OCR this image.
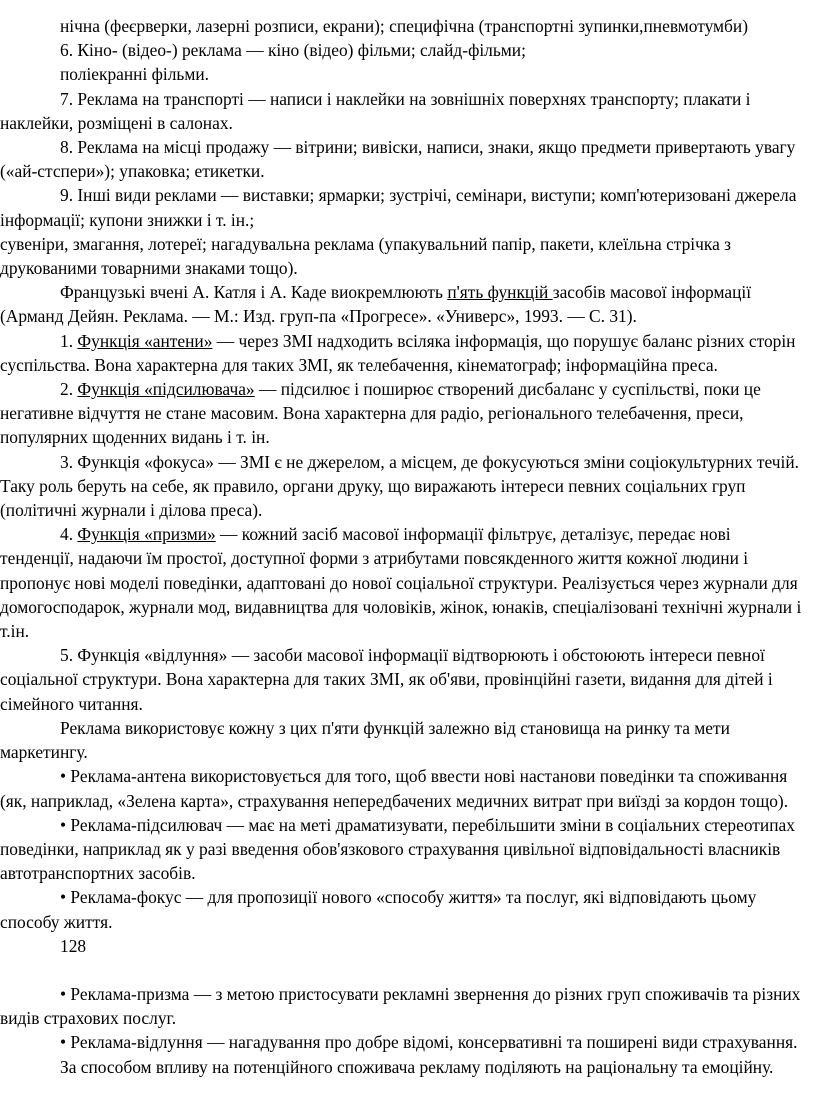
нічна (феєрверки, лазерні розписи, екрани); специфічна (транспортні зупинки,пневмотумби)

6. Кіно- (відео-) реклама — кіно (відео) фільми; слайд-фільми;

поліекранні фільми.

7. Реклама на транспорті — написи і наклейки на зовнішніх поверхнях транспорту; плакати і наклейки, розміщені в салонах.

8. Реклама на місці продажу — вітрини; вивіски, написи, знаки, якщо предмети привертають увагу («ай-стспери»); упаковка; етикетки.

9. Інші види реклами — виставки; ярмарки; зустрічі, семінари, виступи; комп'ютеризовані джерела інформації; купони знижки і т. ін.;

сувеніри, змагання, лотереї; нагадувальна реклама (упакувальний папір, пакети, клеїльна стрічка з друкованими товарними знаками тощо).

Французькі вчені А. Катля і А. Каде виокремлюють п'ять функцій засобів масової інформації (Арманд Дейян. Реклама. — М.: Изд. груп-па «Прогресе». «Универс», 1993. — С. 31).

1. Функція «антени» — через ЗМІ надходить всіляка інформація, що порушує баланс різних сторін суспільства. Вона характерна для таких ЗМІ, як телебачення, кінематограф; інформаційна преса.

2. Функція «підсилювача» — підсилює і поширює створений дисбаланс у суспільстві, поки це негативне відчуття не стане масовим. Вона характерна для радіо, регіонального телебачення, преси, популярних щоденних видань і т. ін.

3. Функція «фокуса» — ЗМІ є не джерелом, а місцем, де фокусуються зміни соціокультурних течій. Таку роль беруть на себе, як правило, органи друку, що виражають інтереси певних соціальних груп (політичні журнали і ділова преса).

4. Функція «призми» — кожний засіб масової інформації фільтрує, деталізує, передає нові тенденції, надаючи їм простої, доступної форми з атрибутами повсякденного життя кожної людини і пропонує нові моделі поведінки, адаптовані до нової соціальної структури. Реалізується через журнали для домогосподарок, журнали мод, видавництва для чоловіків, жінок, юнаків, спеціалізовані технічні журнали і т.ін.

5. Функція «відлуння» — засоби масової інформації відтворюють і обстоюють інтереси певної соціальної структури. Вона характерна для таких ЗМІ, як об'яви, провінційні газети, видання для дітей і сімейного читання.

Реклама використовує кожну з цих п'яти функцій залежно від становища на ринку та мети маркетингу.

• Реклама-антена використовується для того, щоб ввести нові настанови поведінки та споживання (як, наприклад, «Зелена карта», страхування непередбачених медичних витрат при виїзді за кордон тощо).

• Реклама-підсилювач — має на меті драматизувати, перебільшити зміни в соціальних стереотипах поведінки, наприклад як у разі введення обов'язкового страхування цивільної відповідальності власників автотранспортних засобів.

• Реклама-фокус — для пропозиції нового «способу життя» та послуг, які відповідають цьому способу життя.

128

• Реклама-призма — з метою пристосувати рекламні звернення до різних груп споживачів та різних видів страхових послуг.

• Реклама-відлуння — нагадування про добре відомі, консервативні та поширені види страхування.

За способом впливу на потенційного споживача рекламу поділяють на раціональну та емоційну.
